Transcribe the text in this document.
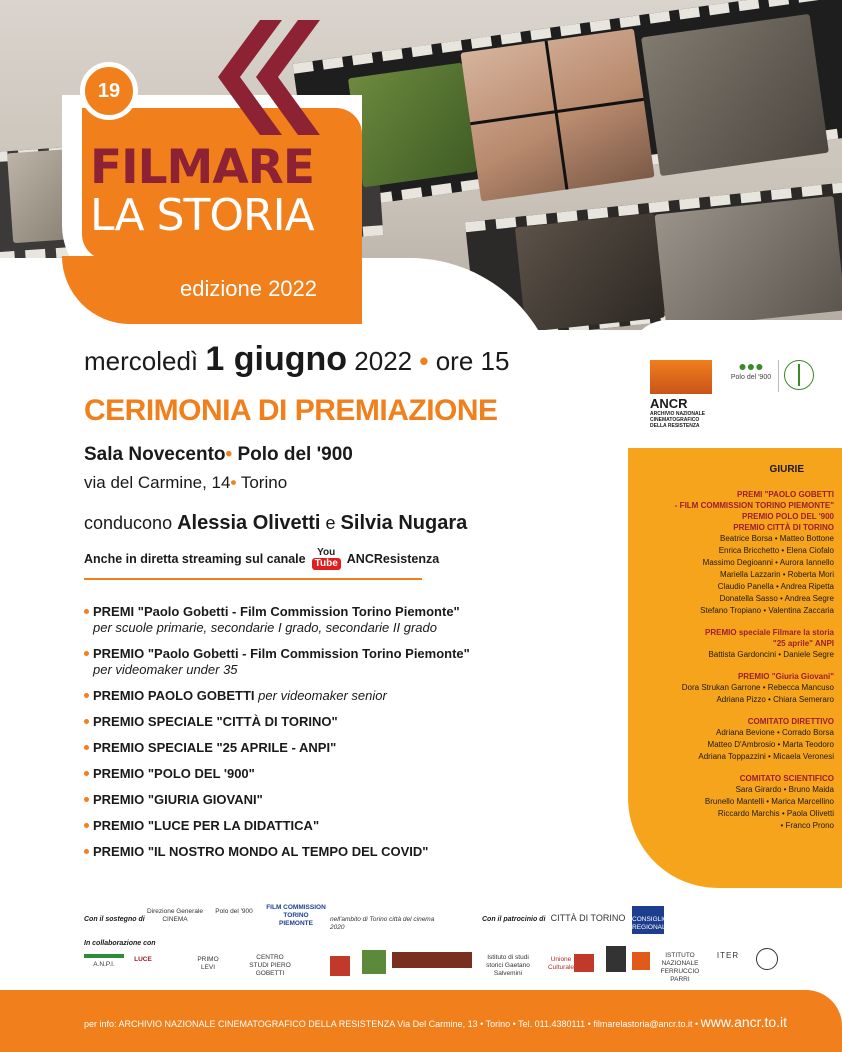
19
FILMARE
LA STORIA
edizione 2022
mercoledì 1 giugno 2022 • ore 15
CERIMONIA DI PREMIAZIONE
Sala Novecento• Polo del '900
via del Carmine, 14• Torino
conducono Alessia Olivetti e Silvia Nugara
Anche in diretta streaming sul canale You
Tube ANCResistenza
PREMI "Paolo Gobetti - Film Commission Torino Piemonte"
per scuole primarie, secondarie I grado, secondarie II grado
PREMIO "Paolo Gobetti - Film Commission Torino Piemonte"
per videomaker under 35
PREMIO PAOLO GOBETTI per videomaker senior
PREMIO SPECIALE "CITTÀ DI TORINO"
PREMIO SPECIALE "25 APRILE - ANPI"
PREMIO "POLO DEL '900"
PREMIO "GIURIA GIOVANI"
PREMIO "LUCE PER LA DIDATTICA"
PREMIO "IL NOSTRO MONDO AL TEMPO DEL COVID"
ANCR
ARCHIVIO NAZIONALE CINEMATOGRAFICO DELLA RESISTENZA
●●●
Polo del '900
GIURIE
PREMI "PAOLO GOBETTI
- FILM COMMISSION TORINO PIEMONTE"
PREMIO POLO DEL '900
PREMIO CITTÀ DI TORINO
Beatrice Borsa • Matteo Bottone
Enrica Bricchetto • Elena Ciofalo
Massimo Degioanni • Aurora Iannello
Mariella Lazzarin • Roberta Mori
Claudio Panella • Andrea Ripetta
Donatella Sasso • Andrea Segre
Stefano Tropiano • Valentina Zaccaria
PREMIO speciale Filmare la storia
"25 aprile" ANPI
Battista Gardoncini • Daniele Segre
PREMIO "Giuria Giovani"
Dora Strukan Garrone • Rebecca Mancuso
Adriana Pizzo • Chiara Semeraro
COMITATO DIRETTIVO
Adriana Bevione • Corrado Borsa
Matteo D'Ambrosio • Marta Teodoro
Adriana Toppazzini • Micaela Veronesi
COMITATO SCIENTIFICO
Sara Girardo • Bruno Maida
Brunello Mantelli • Marica Marcellino
Riccardo Marchis • Paola Olivetti
• Franco Prono
Con il sostegno di
Direzione Generale CINEMA
Polo del '900
FILM COMMISSION TORINO PIEMONTE
nell'ambito di Torino città del cinema 2020
Con il patrocinio di CITTÀ DI TORINO	CONSIGLIO REGIONALE
In collaborazione con
A.N.P.I.
LUCE	PRIMO LEVI
CENTRO STUDI PIERO GOBETTI
Istituto di studi storici Gaetano Salvemini
Unione Culturale
ISTITUTO NAZIONALE FERRUCCIO PARRI
ITER
per info: ARCHIVIO NAZIONALE CINEMATOGRAFICO DELLA RESISTENZA Via Del Carmine, 13 • Torino • Tel. 011.4380111 • filmarelastoria@ancr.to.it • www.ancr.to.it
